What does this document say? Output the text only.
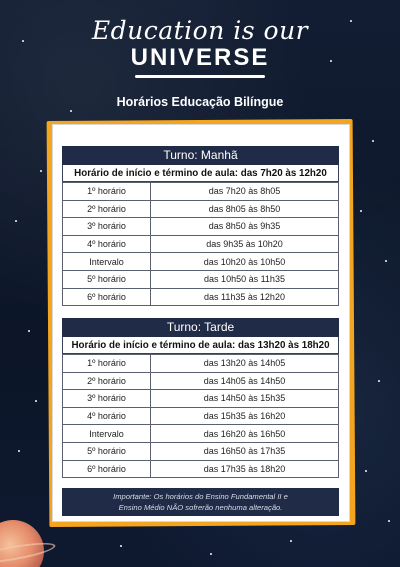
Education is our
UNIVERSE
Horários Educação Bilíngue
Turno: Manhã
Horário de início e término de aula: das 7h20 às 12h20
1º horário	das 7h20 às 8h05
2º horário	das 8h05 às 8h50
3º horário	das 8h50 às 9h35
4º horário	das 9h35 às 10h20
Intervalo	das 10h20 às 10h50
5º horário	das 10h50 às 11h35
6º horário	das 11h35 às 12h20
Turno: Tarde
Horário de início e término de aula: das 13h20 às 18h20
1º horário	das 13h20 às 14h05
2º horário	das 14h05 às 14h50
3º horário	das 14h50 às 15h35
4º horário	das 15h35 às 16h20
Intervalo	das 16h20 às 16h50
5º horário	das 16h50 às 17h35
6º horário	das 17h35 às 18h20
Importante: Os horários do Ensino Fundamental II e
Ensino Médio NÃO sofrerão nenhuma alteração.
